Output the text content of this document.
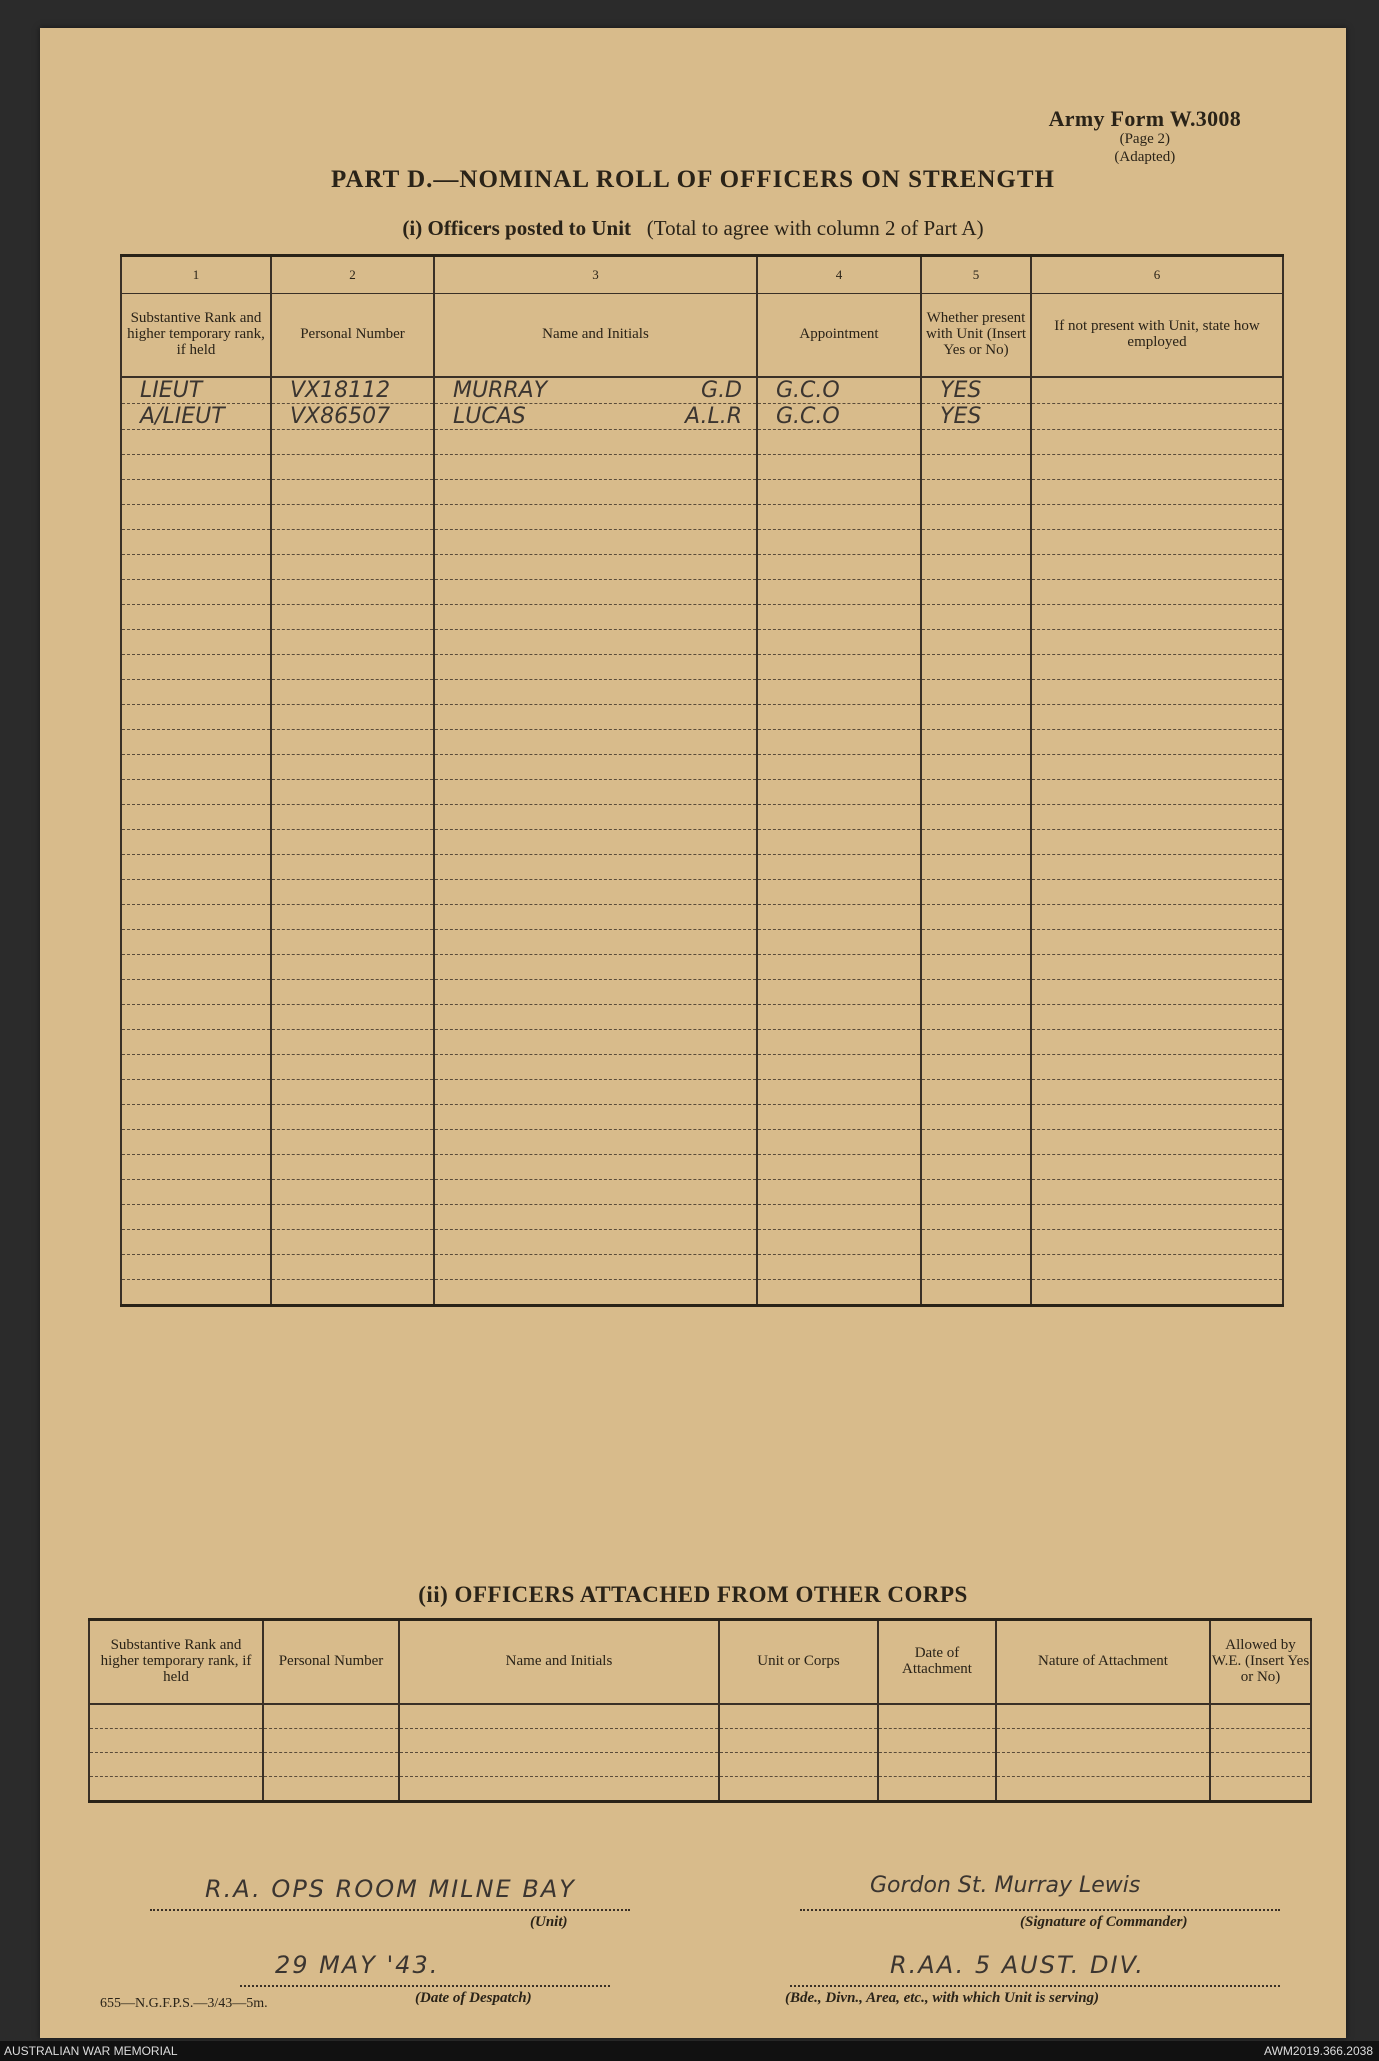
Army Form W.3008
(Page 2)
(Adapted)
PART D.—NOMINAL ROLL OF OFFICERS ON STRENGTH
(i) Officers posted to Unit (Total to agree with column 2 of Part A)
1	2	3	4	5	6
Substantive Rank and higher temporary rank, if held	Personal Number	Name and Initials	Appointment	Whether present with Unit (Insert Yes or No)	If not present with Unit, state how employed
LIEUT	VX18112	MURRAY G.D	G.C.O	YES	
A/LIEUT	VX86507	LUCAS A.L.R	G.C.O	YES	

(ii) OFFICERS ATTACHED FROM OTHER CORPS
Substantive Rank and higher temporary rank, if held	Personal Number	Name and Initials	Unit or Corps	Date of Attachment	Nature of Attachment	Allowed by W.E. (Insert Yes or No)

R.A. OPS ROOM MILNE BAY
(Unit)
Gordon St. Murray Lewis
(Signature of Commander)
29 MAY '43.
(Date of Despatch)
R.AA. 5 AUST. DIV.
(Bde., Divn., Area, etc., with which Unit is serving)
655—N.G.F.P.S.—3/43—5m.
AUSTRALIAN WAR MEMORIAL	AWM2019.366.2038
